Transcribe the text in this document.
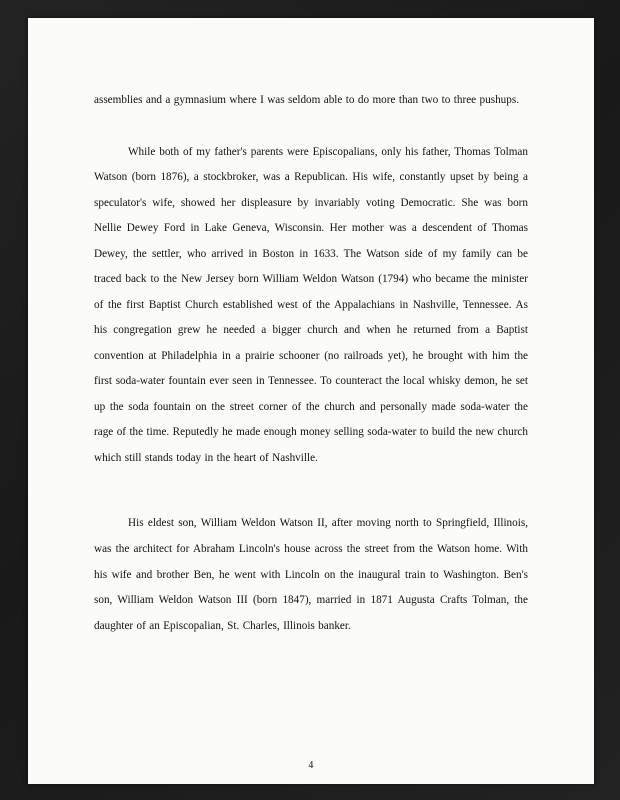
assemblies and a gymnasium where I was seldom able to do more than two to three pushups.

While both of my father's parents were Episcopalians, only his father, Thomas Tolman Watson (born 1876), a stockbroker, was a Republican. His wife, constantly upset by being a speculator's wife, showed her displeasure by invariably voting Democratic. She was born Nellie Dewey Ford in Lake Geneva, Wisconsin. Her mother was a descendent of Thomas Dewey, the settler, who arrived in Boston in 1633. The Watson side of my family can be traced back to the New Jersey born William Weldon Watson (1794) who became the minister of the first Baptist Church established west of the Appalachians in Nashville, Tennessee. As his congregation grew he needed a bigger church and when he returned from a Baptist convention at Philadelphia in a prairie schooner (no railroads yet), he brought with him the first soda-water fountain ever seen in Tennessee. To counteract the local whisky demon, he set up the soda fountain on the street corner of the church and personally made soda-water the rage of the time. Reputedly he made enough money selling soda-water to build the new church which still stands today in the heart of Nashville.

His eldest son, William Weldon Watson II, after moving north to Springfield, Illinois, was the architect for Abraham Lincoln's house across the street from the Watson home. With his wife and brother Ben, he went with Lincoln on the inaugural train to Washington. Ben's son, William Weldon Watson III (born 1847), married in 1871 Augusta Crafts Tolman, the daughter of an Episcopalian, St. Charles, Illinois banker.

4
